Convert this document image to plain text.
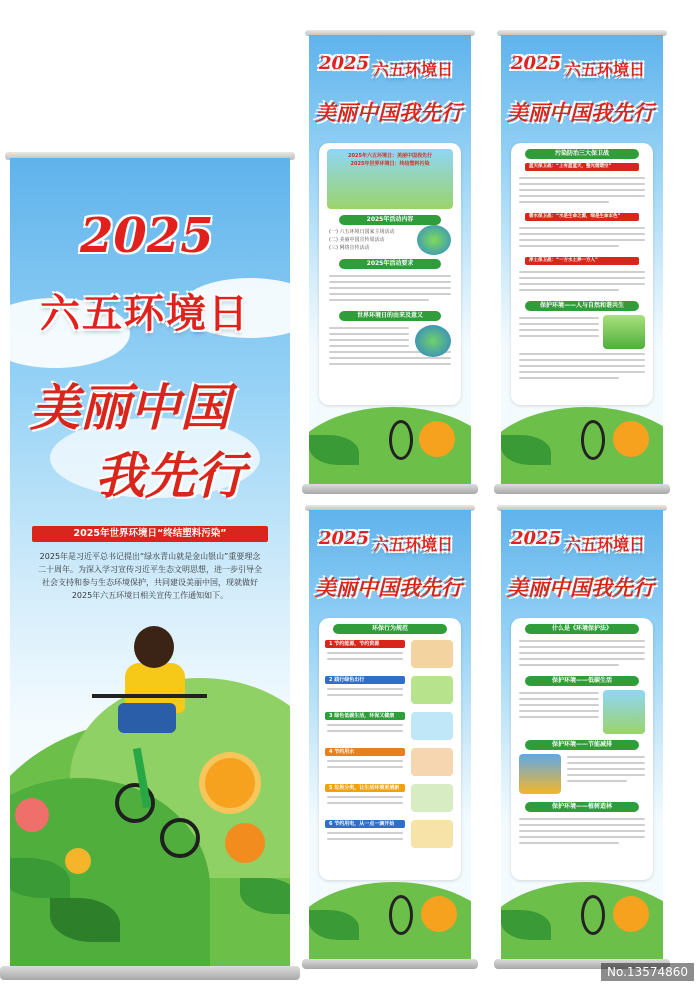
2025
六五环境日
美丽中国
我先行
2025年世界环境日“终结塑料污染”
2025年是习近平总书记提出“绿水青山就是金山银山”重要理念二十周年。为深入学习宣传习近平生态文明思想，进一步引导全社会支持和参与生态环境保护，共同建设美丽中国，现就做好2025年六五环境日相关宣传工作通知如下。
2025 六五环境日
美丽中国我先行
2025年六五环境日：美丽中国我先行
2025年世界环境日：终结塑料污染
2025年活动内容
(一) 六五环境日国家主场活动
(二) 美丽中国宣传周活动
(三) 网络宣传活动
2025年活动要求
世界环境日的由来及意义
2025 六五环境日
美丽中国我先行
污染防治三大保卫战
蓝天保卫战：“上有蓝蓝天，整光熠熠空”
碧水保卫战：“水是生命之源，绿是生命本色”
净土保卫战：“一方水土养一方人”
保护环境——人与自然和谐共生
2025 六五环境日
美丽中国我先行
环保行为规范
1 节约能源，节约资源
2 践行绿色出行
3 绿色低碳生活，环保又健康
4 节约用水
5 垃圾分类，让生活环境更清新
6 节约用电，从一点一滴开始
2025 六五环境日
美丽中国我先行
什么是《环境保护法》
保护环境——低碳生活
保护环境——节能减排
保护环境——植树造林
No.13574860
